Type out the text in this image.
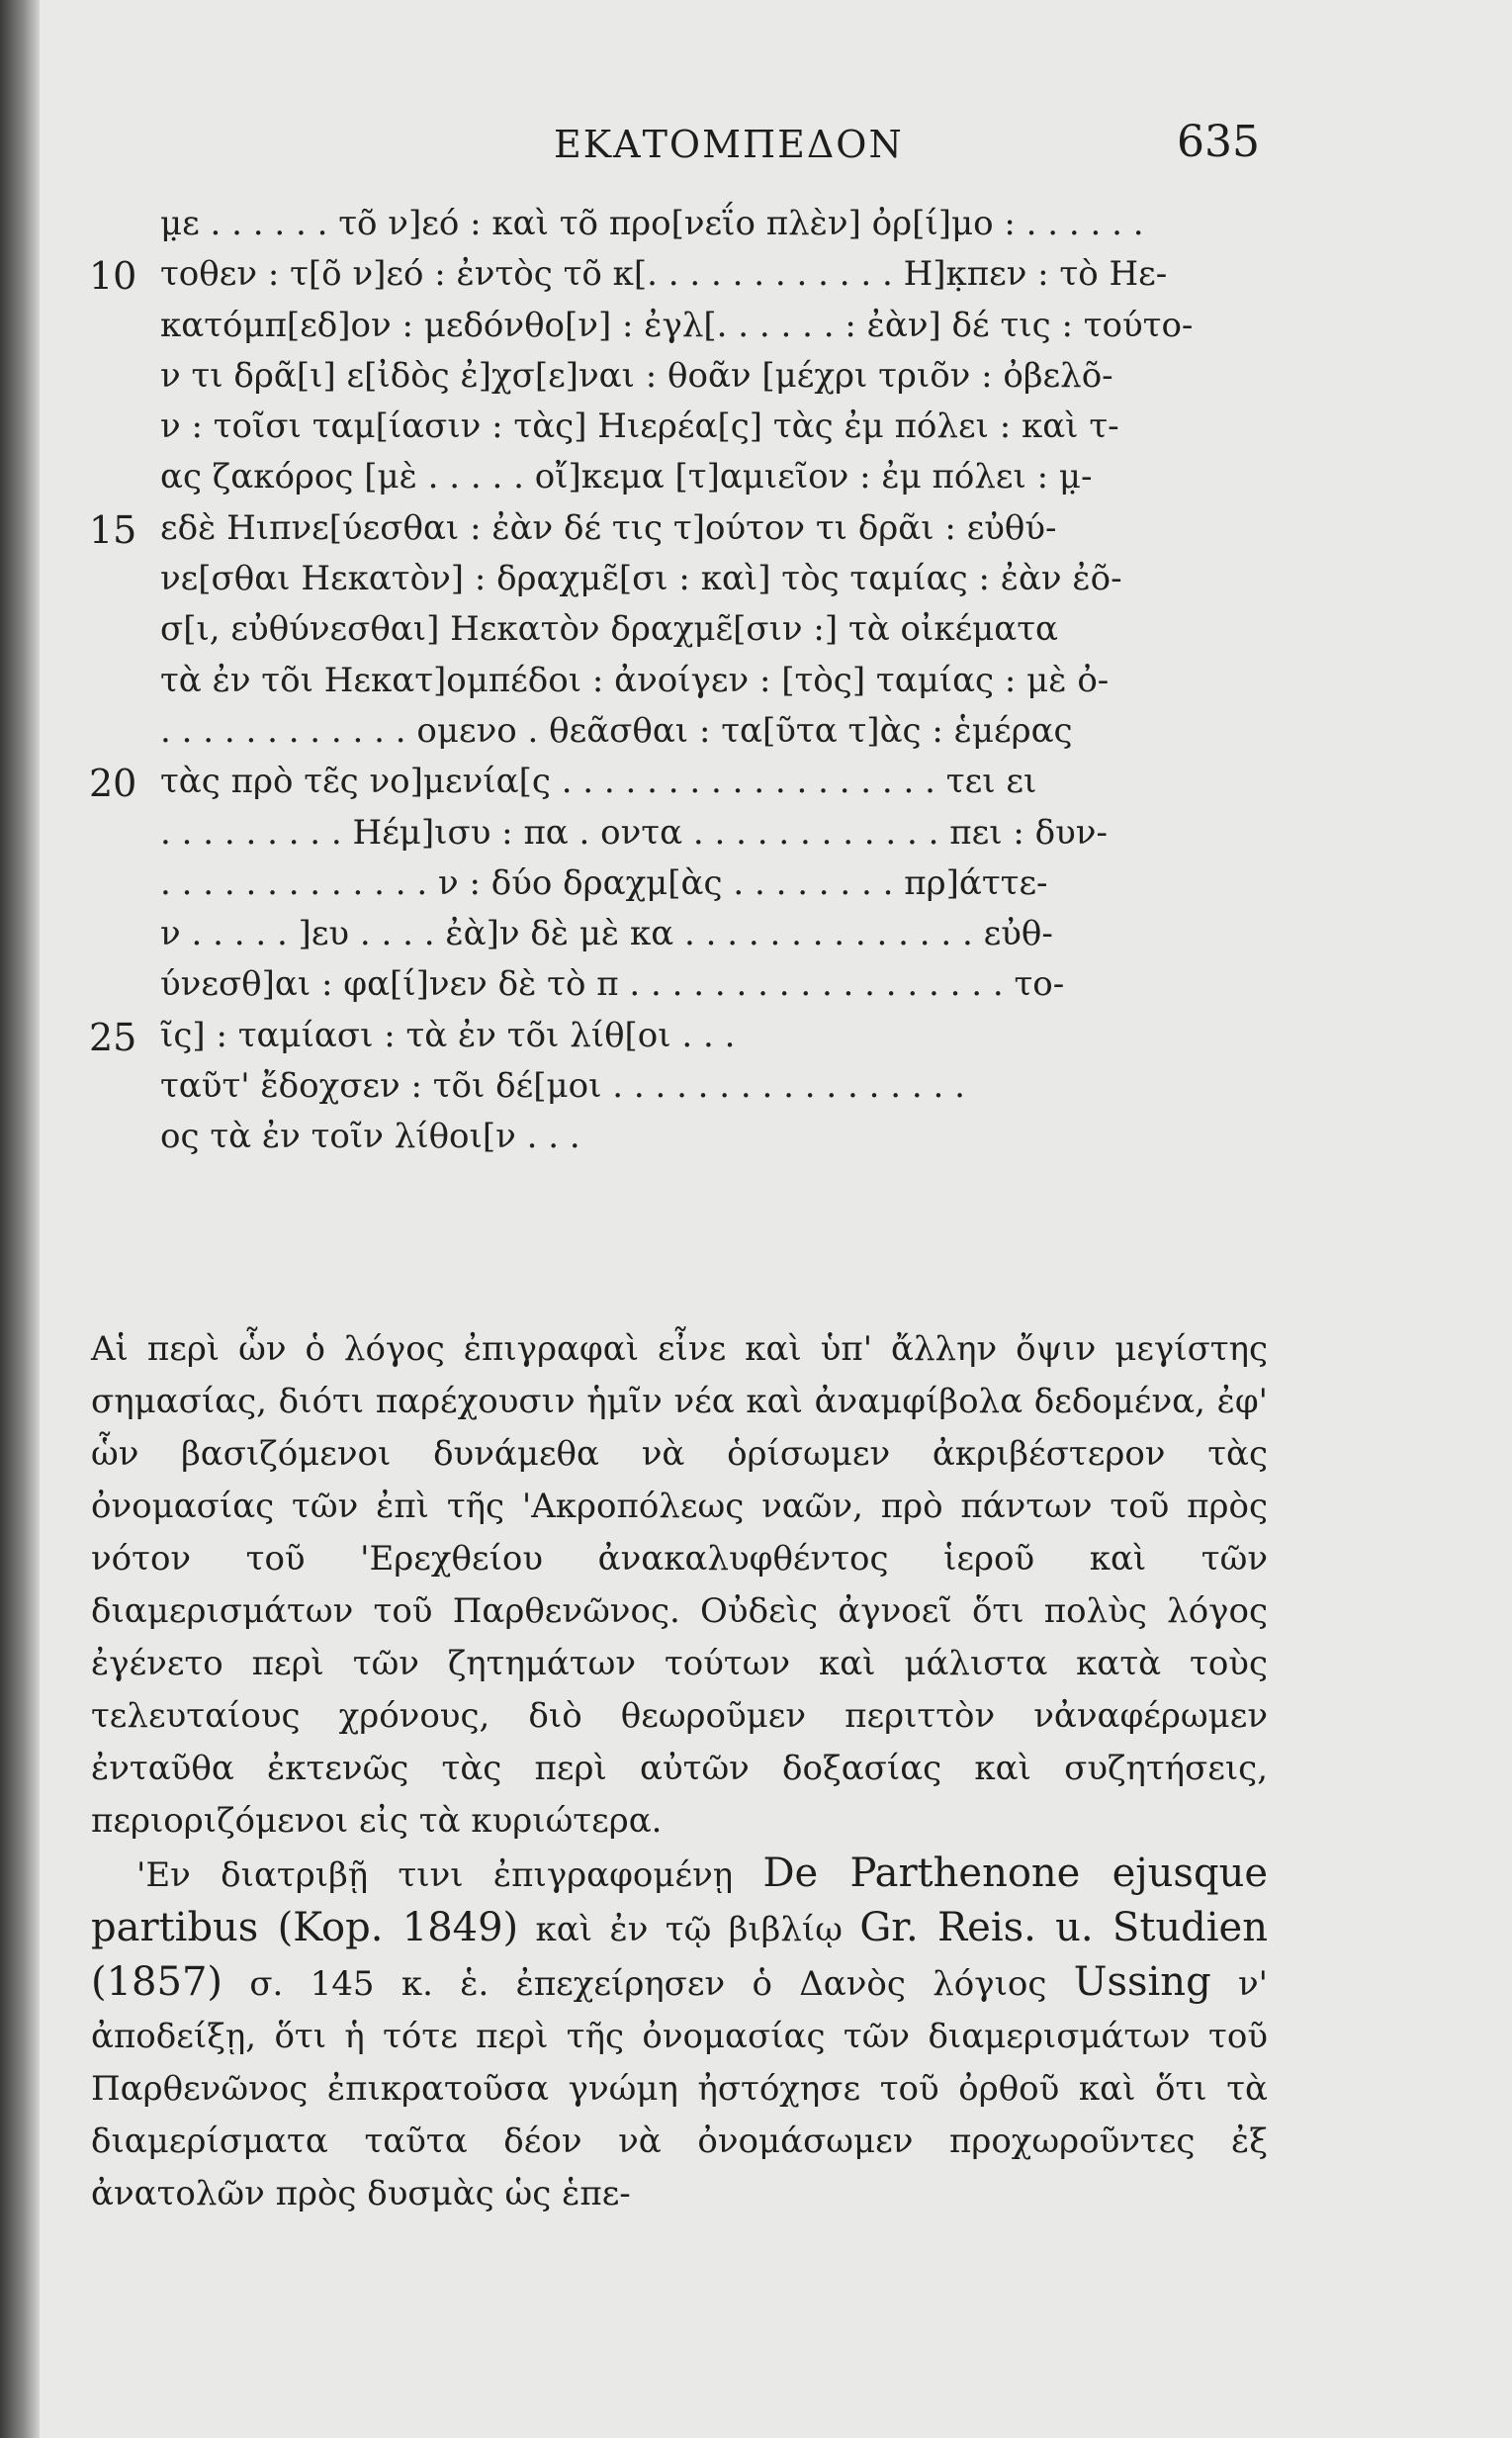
ΕΚΑΤΟΜΠΕΔΟΝ	635
μ̣ε . . . . . . τõ ν]εό : καὶ τõ προ[νεΐο πλὲν] ὀρ[ί]μο : . . . . . .
10 τοθεν : τ[õ ν]εό : ἐντὸς τõ κ[. . . . . . . . . . . . Η]κ̣πεν : τὸ Ηε-
κατόμπ[εδ]ον : μεδόνθο[ν] : ἐγλ[. . . . . . : ἐὰν] δέ τις : τούτο-
ν τι δρᾶ[ι] ε[ἰδὸς ἐ]χσ[ε]ναι : θοᾶν [μέχρι τριõν : ὀβελõ-
ν : τοῖσι ταμ[ίασιν : τὰς] Ηιερέα[ς] τὰς ἐμ πόλει : καὶ τ-
ας ζακόρος [μὲ . . . . . οἴ]κεμα [τ]αμιεῖον : ἐμ πόλει : μ̣-
15 εδὲ Ηιπνε[ύεσθαι : ἐὰν δέ τις τ]ούτον τι δρᾶι : εὐθύ-
νε[σθαι Ηεκατὸν] : δραχμε̃[σι : καὶ] τὸς ταμίας : ἐὰν ἐõ-
σ[ι, εὐθύνεσθαι] Ηεκατὸν δραχμε̃[σιν :] τὰ οἰκέματα
τὰ ἐν τõι Ηεκατ]ομπέδοι : ἀνοίγεν : [τὸς] ταμίας : μὲ ὀ-
. . . . . . . . . . . . ομενο . θεᾶσθαι : τα[ῦτα τ]ὰς : ἑμέρας
20 τὰς πρὸ τε̃ς νο]μενία[ς . . . . . . . . . . . . . . . . . . τει ει
. . . . . . . . . Ηέμ]ισυ : πα . οντα . . . . . . . . . . . . πει : δυν-
. . . . . . . . . . . . . ν : δύο δραχμ[ὰς . . . . . . . . πρ]άττε-
ν . . . . . ]ευ . . . . ἐὰ]ν δὲ μὲ κα . . . . . . . . . . . . . . εὐθ-
ύνεσθ]αι : φα[ί]νεν δὲ τὸ π . . . . . . . . . . . . . . . . . . το-
25 ῖς] : ταμίασι : τὰ ἐν τõι λίθ[οι . . .
ταῦτ' ἔδοχσεν : τõι δέ[μοι . . . . . . . . . . . . . . . . .
ος τὰ ἐν τοῖν λίθοι[ν . . .

Αἱ περὶ ὧν ὁ λόγος ἐπιγραφαὶ εἶνε καὶ ὑπ' ἄλλην ὄψιν μεγίστης σημασίας, διότι παρέχουσιν ἡμῖν νέα καὶ ἀναμφίβολα δεδομένα, ἐφ' ὧν βασιζόμενοι δυνάμεθα νὰ ὁρίσωμεν ἀκριβέστερον τὰς ὀνομασίας τῶν ἐπὶ τῆς 'Ακροπόλεως ναῶν, πρὸ πάντων τοῦ πρὸς νότον τοῦ 'Ερεχθείου ἀνακαλυφθέντος ἱεροῦ καὶ τῶν διαμερισμάτων τοῦ Παρθενῶνος. Οὐδεὶς ἀγνοεῖ ὅτι πολὺς λόγος ἐγένετο περὶ τῶν ζητημάτων τούτων καὶ μάλιστα κατὰ τοὺς τελευταίους χρόνους, διὸ θεωροῦμεν περιττὸν νἀναφέρωμεν ἐνταῦθα ἐκτενῶς τὰς περὶ αὐτῶν δοξασίας καὶ συζητήσεις, περιοριζόμενοι εἰς τὰ κυριώτερα.

'Εν διατριβῇ τινι ἐπιγραφομένῃ De Parthenone ejusque partibus (Kop. 1849) καὶ ἐν τῷ βιβλίῳ Gr. Reis. u. Studien (1857) σ. 145 κ. ἑ. ἐπεχείρησεν ὁ Δανὸς λόγιος Ussing ν' ἀποδείξῃ, ὅτι ἡ τότε περὶ τῆς ὀνομασίας τῶν διαμερισμάτων τοῦ Παρθενῶνος ἐπικρατοῦσα γνώμη ἠστόχησε τοῦ ὀρθοῦ καὶ ὅτι τὰ διαμερίσματα ταῦτα δέον νὰ ὀνομάσωμεν προχωροῦντες ἐξ ἀνατολῶν πρὸς δυσμὰς ὡς ἑπε-
